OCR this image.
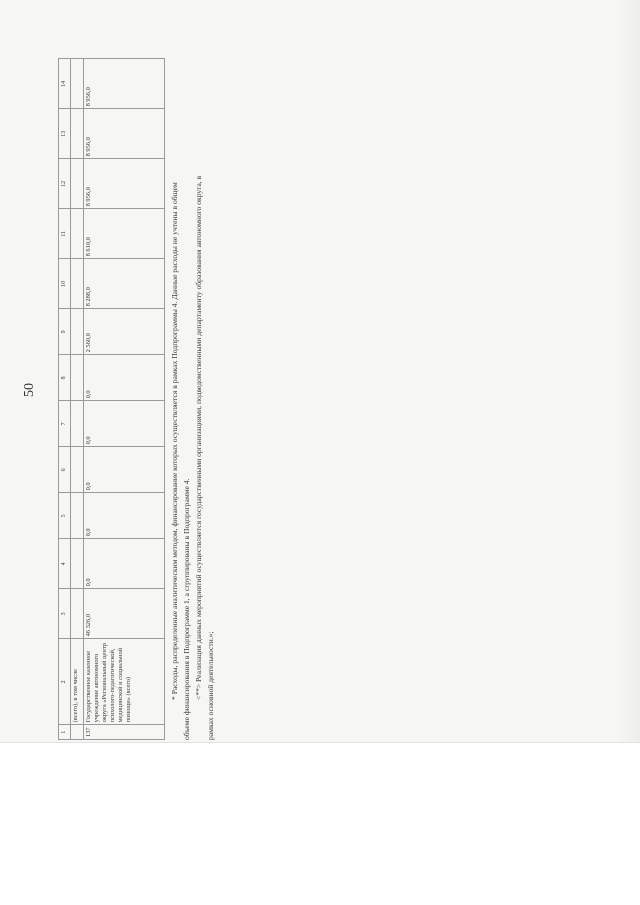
50
1	2	3	4	5	6	7	8	9	10	11	12	13	14
	(всего), в том числе												
137	Государственное казенное учреждение автономного округа «Региональный центр психолого-педагогической, медицинской и социальной помощи» (всего)	46 326,0	0,0	0,0	0,0	0,0	0,0	2 560,0	8 288,0	8 610,0	8 956,0	8 956,0	8 956,0

* Расходы, распределенные аналитическим методом, финансирование которых осуществляется в рамках Подпрограммы 4. Данные расходы не учтены в общем объеме финансирования в Подпрограмме 1, а сгруппированы в Подпрограмме 4. <**> Реализация данных мероприятий осуществляется государственными организациями, подведомственными департаменту образования автономного округа, в рамках основной деятельности.»;
